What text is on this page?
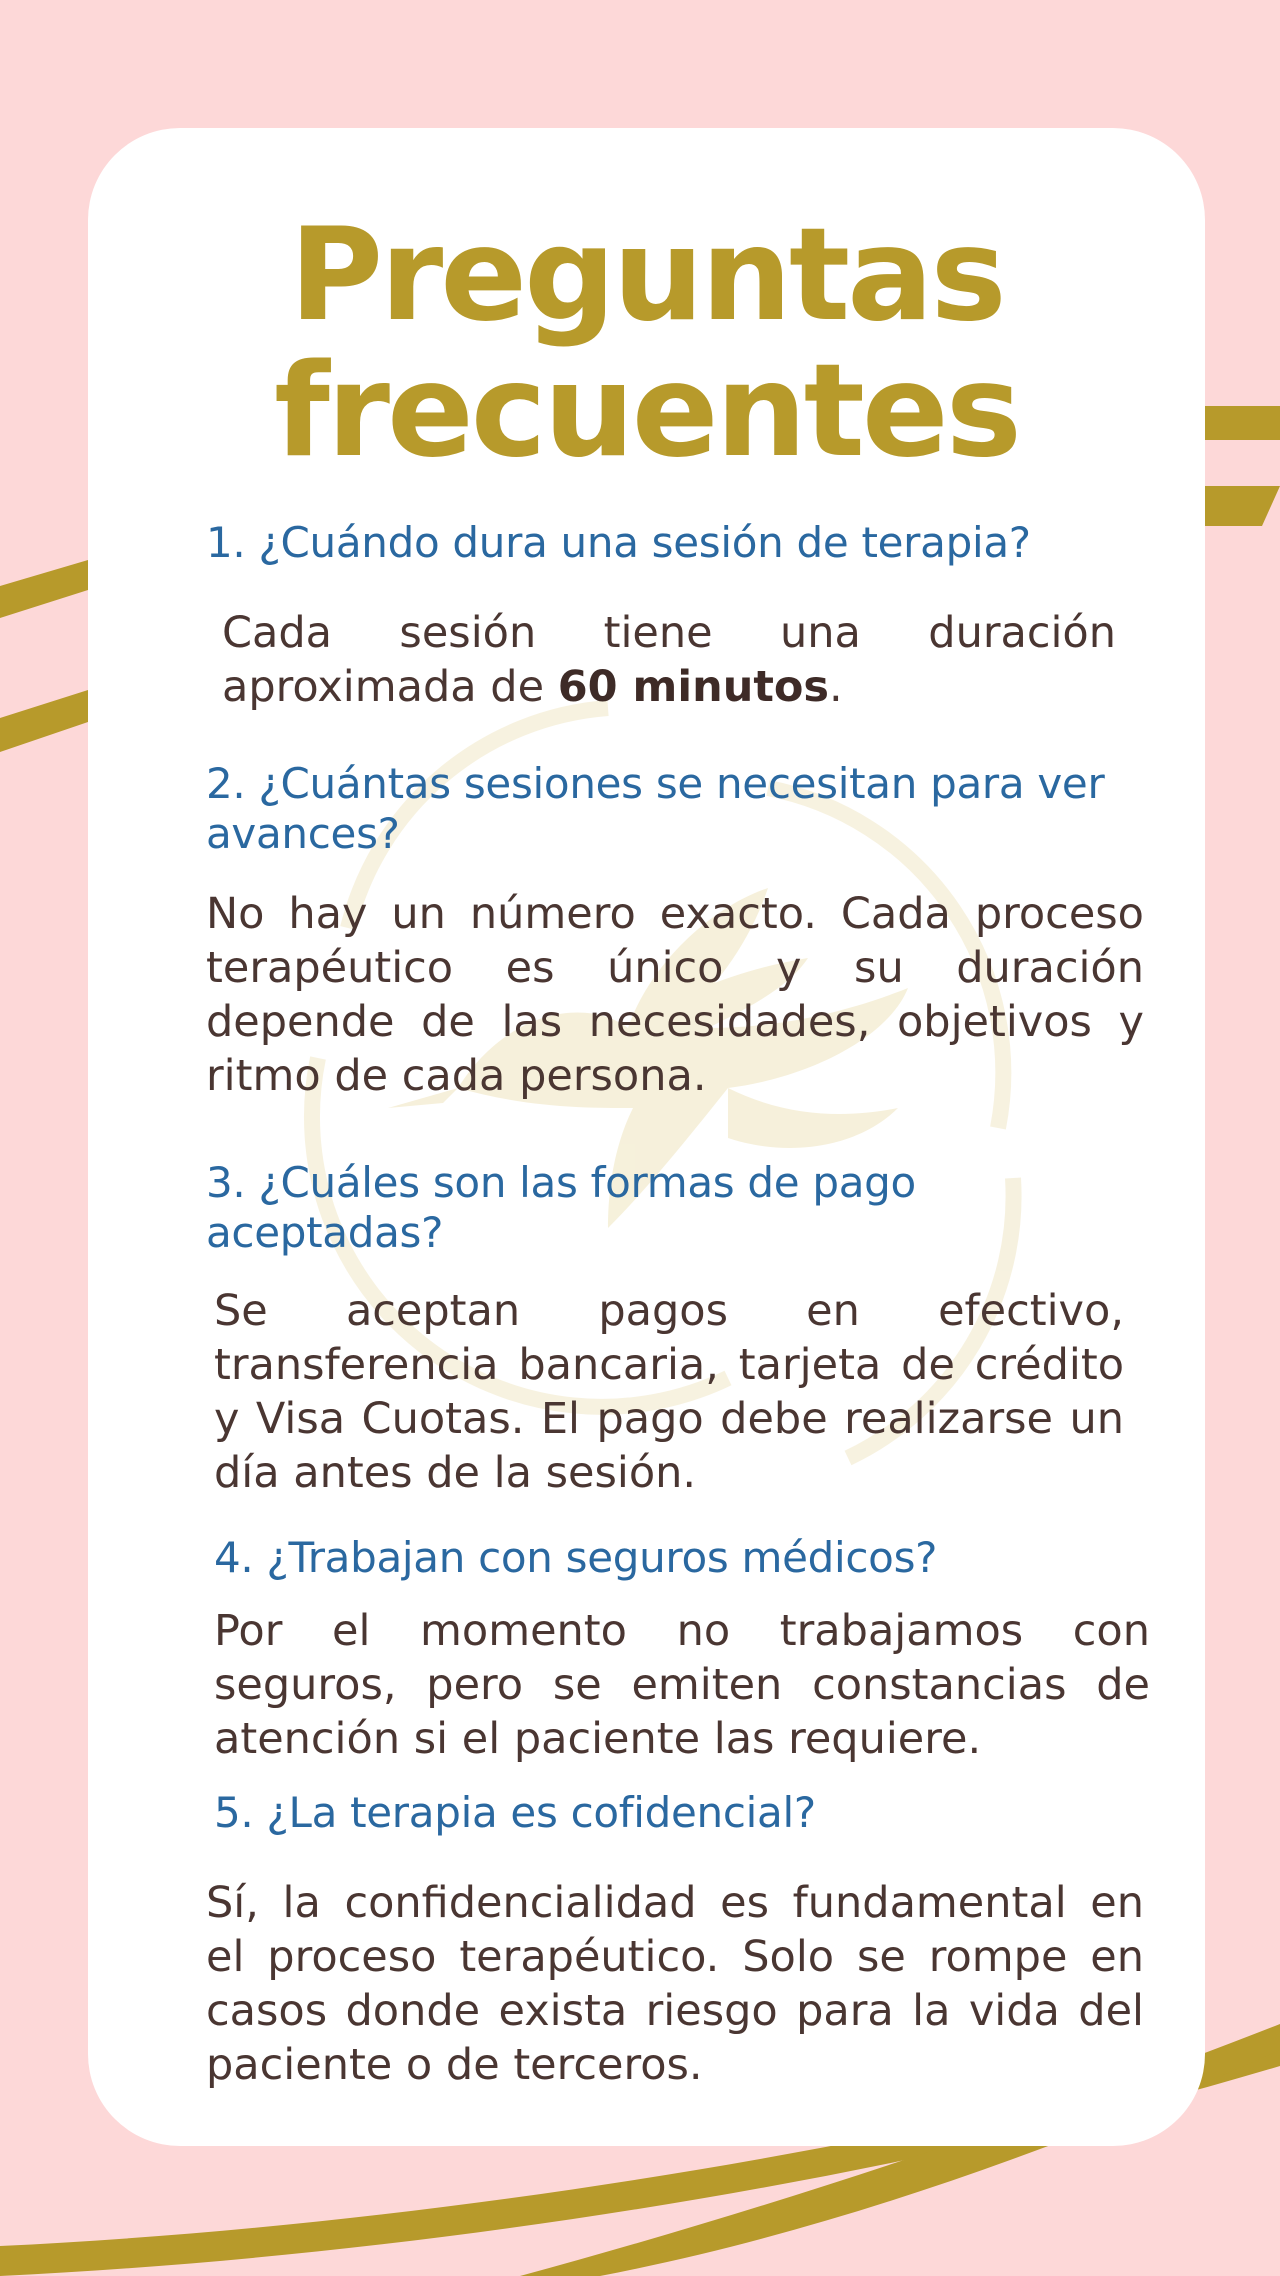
Preguntas
frecuentes
1. ¿Cuándo dura una sesión de terapia?
Cada sesión tiene una duración aproximada de 60 minutos.
2. ¿Cuántas sesiones se necesitan para ver avances?
No hay un número exacto. Cada proceso terapéutico es único y su duración depende de las necesidades, objetivos y ritmo de cada persona.
3. ¿Cuáles son las formas de pago aceptadas?
Se aceptan pagos en efectivo, transferencia bancaria, tarjeta de crédito y Visa Cuotas. El pago debe realizarse un día antes de la sesión.
4. ¿Trabajan con seguros médicos?
Por el momento no trabajamos con seguros, pero se emiten constancias de atención si el paciente las requiere.
5. ¿La terapia es cofidencial?
Sí, la confidencialidad es fundamental en el proceso terapéutico. Solo se rompe en casos donde exista riesgo para la vida del paciente o de terceros.
